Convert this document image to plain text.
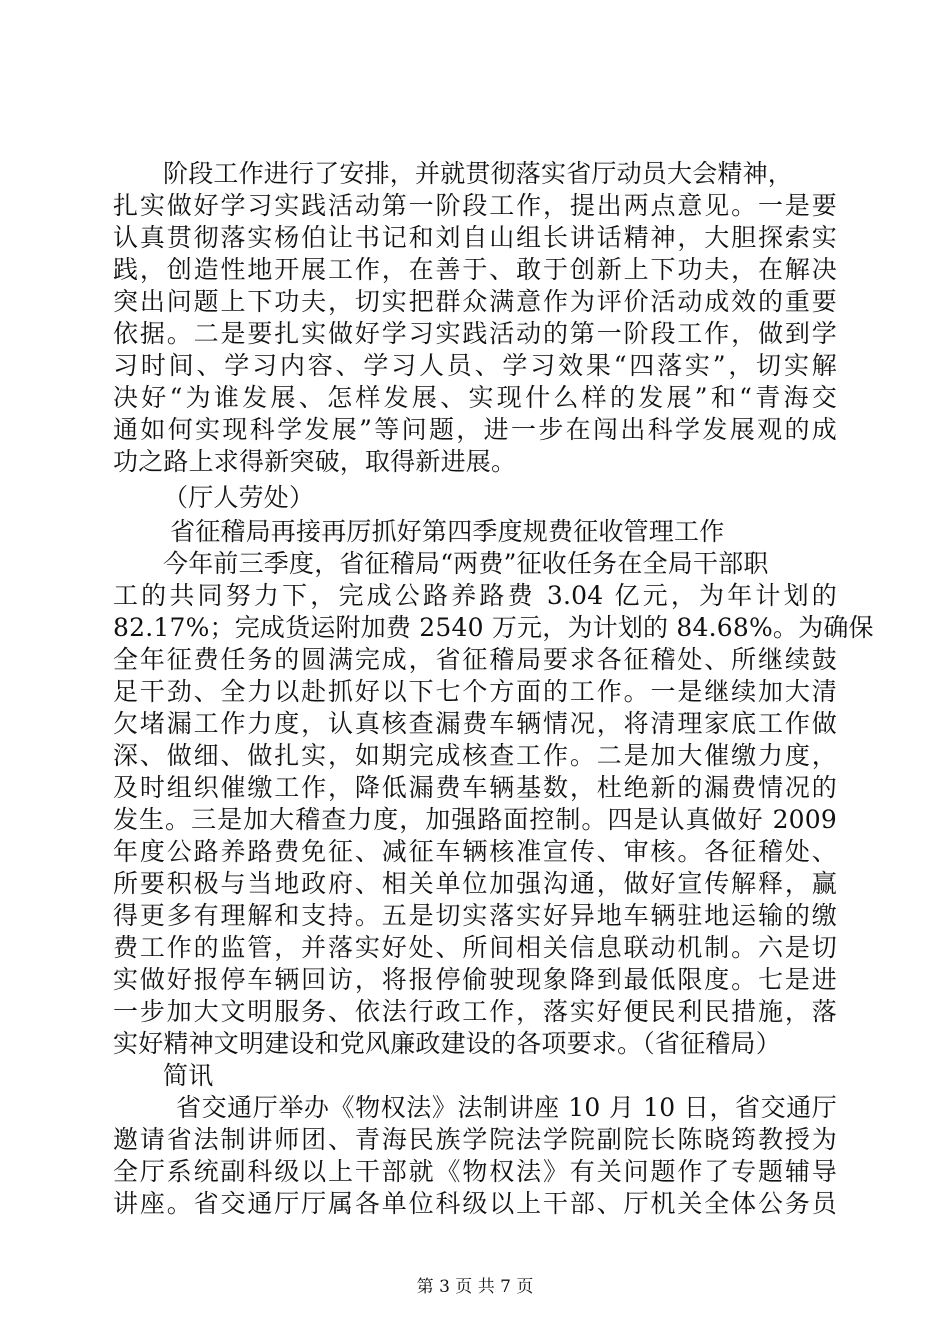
阶段工作进行了安排，并就贯彻落实省厅动员大会精神，
扎实做好学习实践活动第一阶段工作，提出两点意见。一是要
认真贯彻落实杨伯让书记和刘自山组长讲话精神，大胆探索实
践，创造性地开展工作，在善于、敢于创新上下功夫，在解决
突出问题上下功夫，切实把群众满意作为评价活动成效的重要
依据。二是要扎实做好学习实践活动的第一阶段工作，做到学
习时间、学习内容、学习人员、学习效果“四落实”，切实解
决好“为谁发展、怎样发展、实现什么样的发展”和“青海交
通如何实现科学发展”等问题，进一步在闯出科学发展观的成
功之路上求得新突破，取得新进展。
（厅人劳处）
省征稽局再接再厉抓好第四季度规费征收管理工作
今年前三季度，省征稽局“两费”征收任务在全局干部职
工的共同努力下，完成公路养路费 3.04 亿元，为年计划的
82.17%；完成货运附加费 2540 万元，为计划的 84.68%。为确保
全年征费任务的圆满完成，省征稽局要求各征稽处、所继续鼓
足干劲、全力以赴抓好以下七个方面的工作。一是继续加大清
欠堵漏工作力度，认真核查漏费车辆情况，将清理家底工作做
深、做细、做扎实，如期完成核查工作。二是加大催缴力度，
及时组织催缴工作，降低漏费车辆基数，杜绝新的漏费情况的
发生。三是加大稽查力度，加强路面控制。四是认真做好 2009
年度公路养路费免征、减征车辆核准宣传、审核。各征稽处、
所要积极与当地政府、相关单位加强沟通，做好宣传解释，赢
得更多有理解和支持。五是切实落实好异地车辆驻地运输的缴
费工作的监管，并落实好处、所间相关信息联动机制。六是切
实做好报停车辆回访，将报停偷驶现象降到最低限度。七是进
一步加大文明服务、依法行政工作，落实好便民利民措施，落
实好精神文明建设和党风廉政建设的各项要求。（省征稽局）
简讯
省交通厅举办《物权法》法制讲座 10 月 10 日，省交通厅
邀请省法制讲师团、青海民族学院法学院副院长陈晓筠教授为
全厅系统副科级以上干部就《物权法》有关问题作了专题辅导
讲座。省交通厅厅属各单位科级以上干部、厅机关全体公务员
第 3 页 共 7 页
